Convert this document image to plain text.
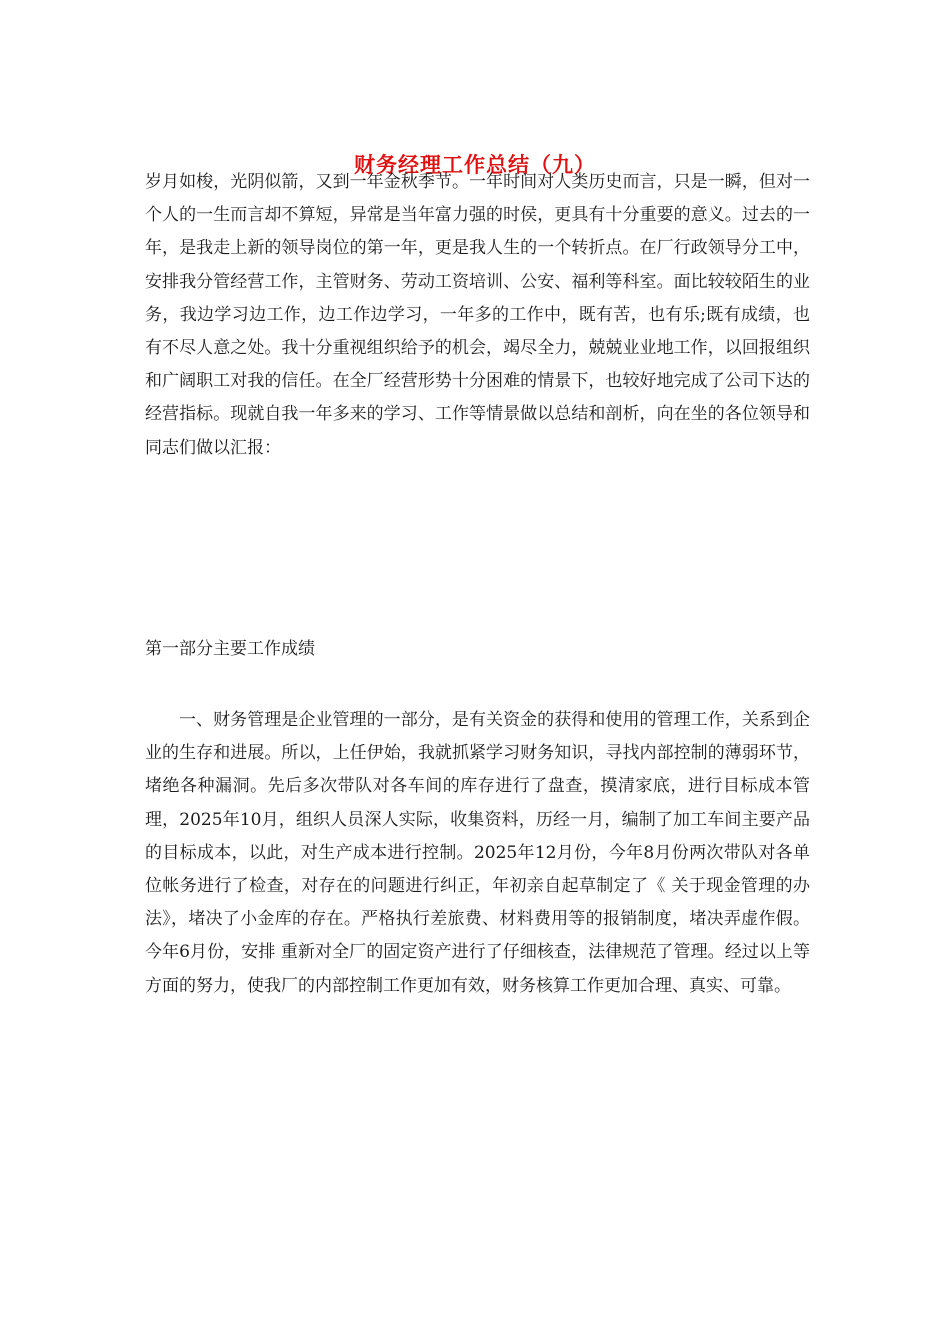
财务经理工作总结（九）

岁月如梭，光阴似箭，又到一年金秋季节。一年时间对人类历史而言，只是一瞬，但对一个人的一生而言却不算短，异常是当年富力强的时侯，更具有十分重要的意义。过去的一年，是我走上新的领导岗位的第一年，更是我人生的一个转折点。在厂行政领导分工中， 安排我分管经营工作，主管财务、劳动工资培训、公安、福利等科室。面比较较陌生的业务，我边学习边工作，边工作边学习，一年多的工作中，既有苦，也有乐;既有成绩，也有不尽人意之处。我十分重视组织给予的机会，竭尽全力，兢兢业业地工作，以回报组织和广阔职工对我的信任。在全厂经营形势十分困难的情景下，也较好地完成了公司下达的经营指标。现就自我一年多来的学习、工作等情景做以总结和剖析，向在坐的各位领导和同志们做以汇报：

第一部分主要工作成绩

一、财务管理是企业管理的一部分，是有关资金的获得和使用的管理工作，关系到企业的生存和进展。所以，上任伊始，我就抓紧学习财务知识，寻找内部控制的薄弱环节，堵绝各种漏洞。先后多次带队对各车间的库存进行了盘查，摸清家底，进行目标成本管理，2025年10月，组织人员深人实际，收集资料，历经一月，编制了加工车间主要产品的目标成本，以此，对生产成本进行控制。2025年12月份，今年8月份两次带队对各单位帐务进行了检查，对存在的问题进行纠正，年初亲自起草制定了《 关于现金管理的办法》，堵决了小金库的存在。严格执行差旅费、材料费用等的报销制度，堵决弄虚作假。今年6月份，安排 重新对全厂的固定资产进行了仔细核查，法律规范了管理。经过以上等方面的努力，使我厂的内部控制工作更加有效，财务核算工作更加合理、真实、可靠。
